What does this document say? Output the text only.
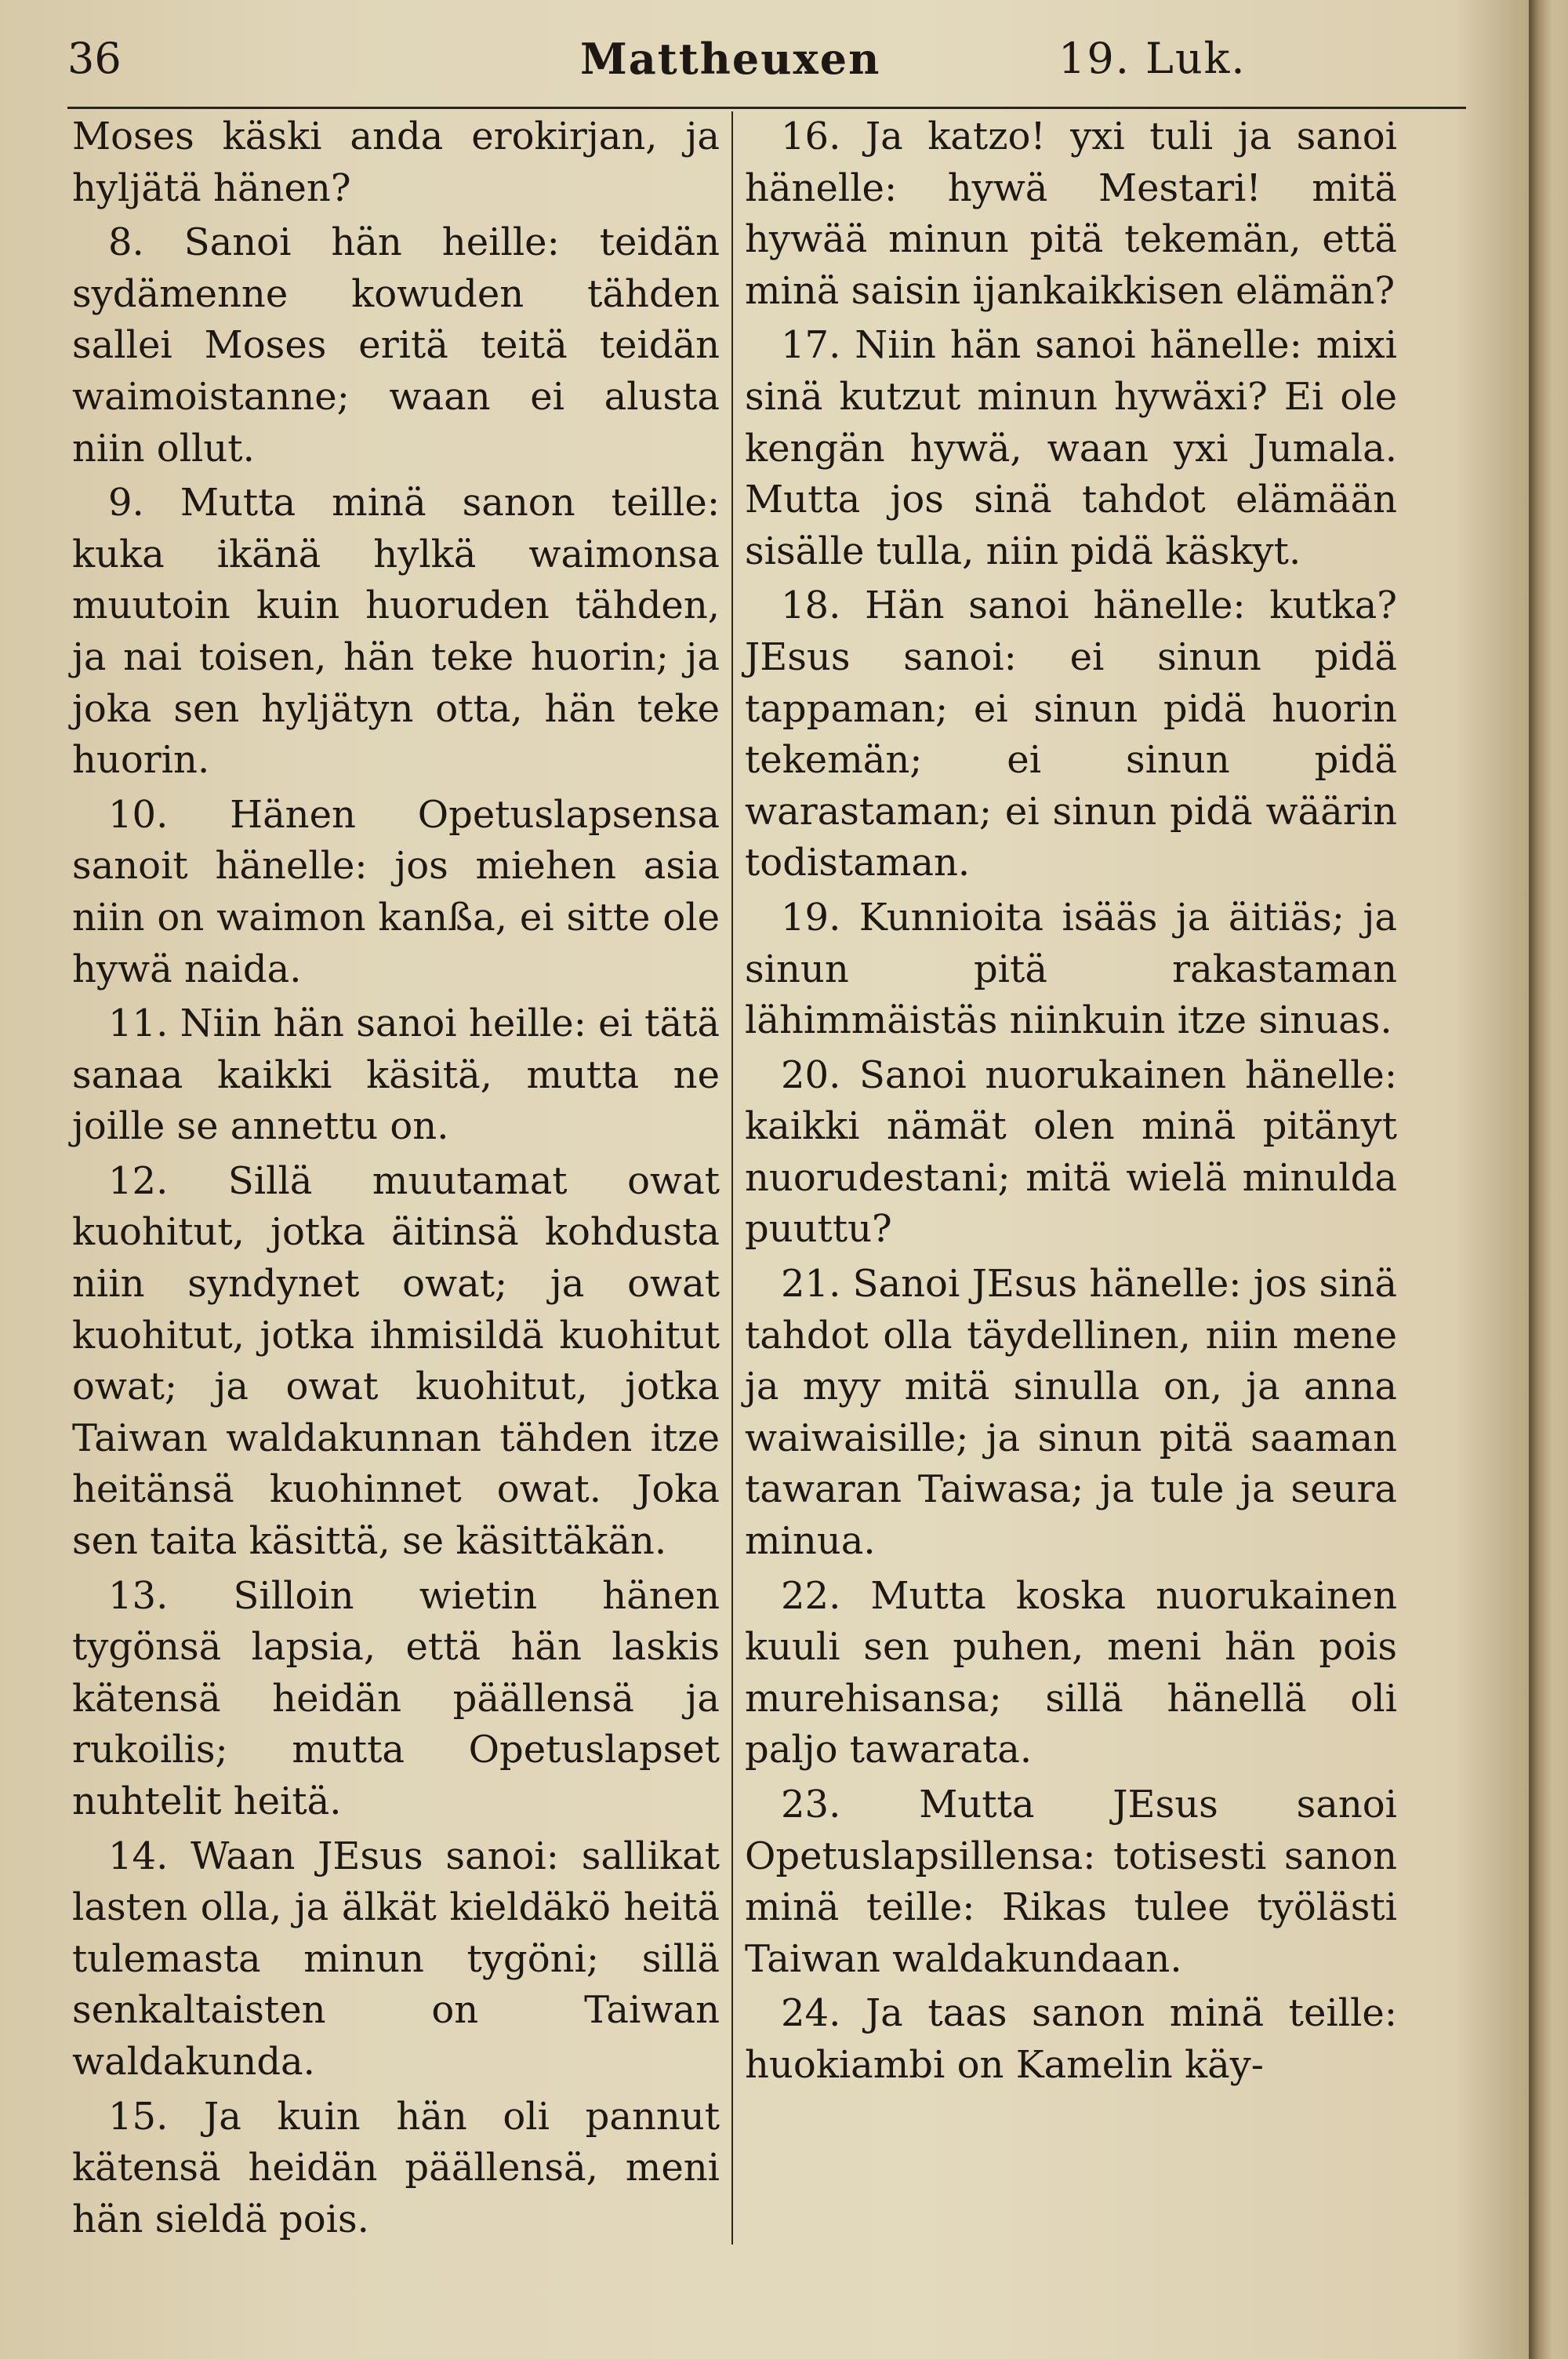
36	Mattheuxen	19. Luk.

Moses käski anda erokirjan, ja hyljätä hänen?

8. Sanoi hän heille: teidän sydämenne kowuden tähden sallei Moses eritä teitä teidän waimoistanne; waan ei alusta niin ollut.

9. Mutta minä sanon teille: kuka ikänä hylkä waimonsa muutoin kuin huoruden tähden, ja nai toisen, hän teke huorin; ja joka sen hyljätyn otta, hän teke huorin.

10. Hänen Opetuslapsensa sanoit hänelle: jos miehen asia niin on waimon kanßa, ei sitte ole hywä naida.

11. Niin hän sanoi heille: ei tätä sanaa kaikki käsitä, mutta ne joille se annettu on.

12. Sillä muutamat owat kuohitut, jotka äitinsä kohdusta niin syndynet owat; ja owat kuohitut, jotka ihmisildä kuohitut owat; ja owat kuohitut, jotka Taiwan waldakunnan tähden itze heitänsä kuohinnet owat. Joka sen taita käsittä, se käsittäkän.

13. Silloin wietin hänen tygönsä lapsia, että hän laskis kätensä heidän päällensä ja rukoilis; mutta Opetuslapset nuhtelit heitä.

14. Waan JEsus sanoi: sallikat lasten olla, ja älkät kieldäkö heitä tulemasta minun tygöni; sillä senkaltaisten on Taiwan waldakunda.

15. Ja kuin hän oli pannut kätensä heidän päällensä, meni hän sieldä pois.

16. Ja katzo! yxi tuli ja sanoi hänelle: hywä Mestari! mitä hywää minun pitä tekemän, että minä saisin ijankaikkisen elämän?

17. Niin hän sanoi hänelle: mixi sinä kutzut minun hywäxi? Ei ole kengän hywä, waan yxi Jumala. Mutta jos sinä tahdot elämään sisälle tulla, niin pidä käskyt.

18. Hän sanoi hänelle: kutka? JEsus sanoi: ei sinun pidä tappaman; ei sinun pidä huorin tekemän; ei sinun pidä warastaman; ei sinun pidä wäärin todistaman.

19. Kunnioita isääs ja äitiäs; ja sinun pitä rakastaman lähimmäistäs niinkuin itze sinuas.

20. Sanoi nuorukainen hänelle: kaikki nämät olen minä pitänyt nuorudestani; mitä wielä minulda puuttu?

21. Sanoi JEsus hänelle: jos sinä tahdot olla täydellinen, niin mene ja myy mitä sinulla on, ja anna waiwaisille; ja sinun pitä saaman tawaran Taiwasa; ja tule ja seura minua.

22. Mutta koska nuorukainen kuuli sen puhen, meni hän pois murehisansa; sillä hänellä oli paljo tawarata.

23. Mutta JEsus sanoi Opetuslapsillensa: totisesti sanon minä teille: Rikas tulee työlästi Taiwan waldakundaan.

24. Ja taas sanon minä teille: huokiambi on Kamelin käy-
